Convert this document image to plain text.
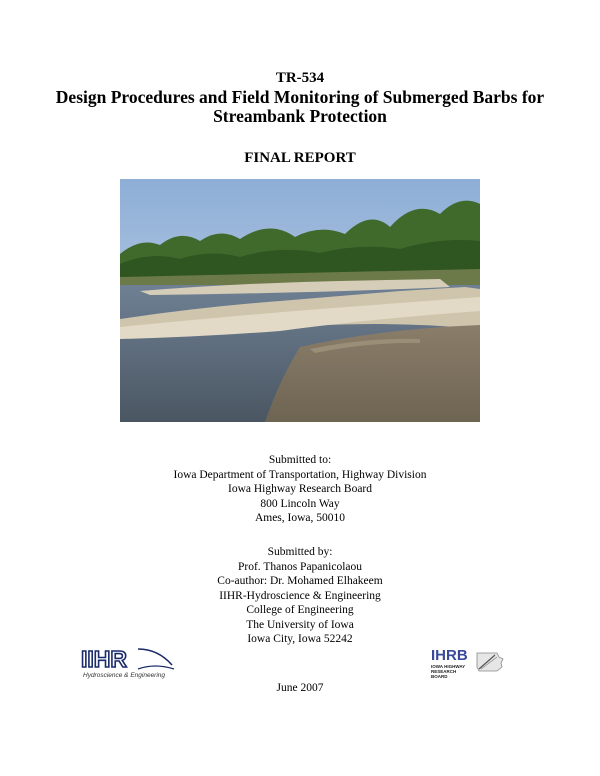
TR-534
Design Procedures and Field Monitoring of Submerged Barbs for
Streambank Protection
FINAL REPORT
Submitted to:
Iowa Department of Transportation, Highway Division
Iowa Highway Research Board
800 Lincoln Way
Ames, Iowa, 50010
Submitted by:
Prof. Thanos Papanicolaou
Co-author: Dr. Mohamed Elhakeem
IIHR-Hydroscience & Engineering
College of Engineering
The University of Iowa
Iowa City, Iowa 52242
IIHR
Hydroscience & Engineering
IHRB
IOWA HIGHWAY
RESEARCH BOARD
June 2007
